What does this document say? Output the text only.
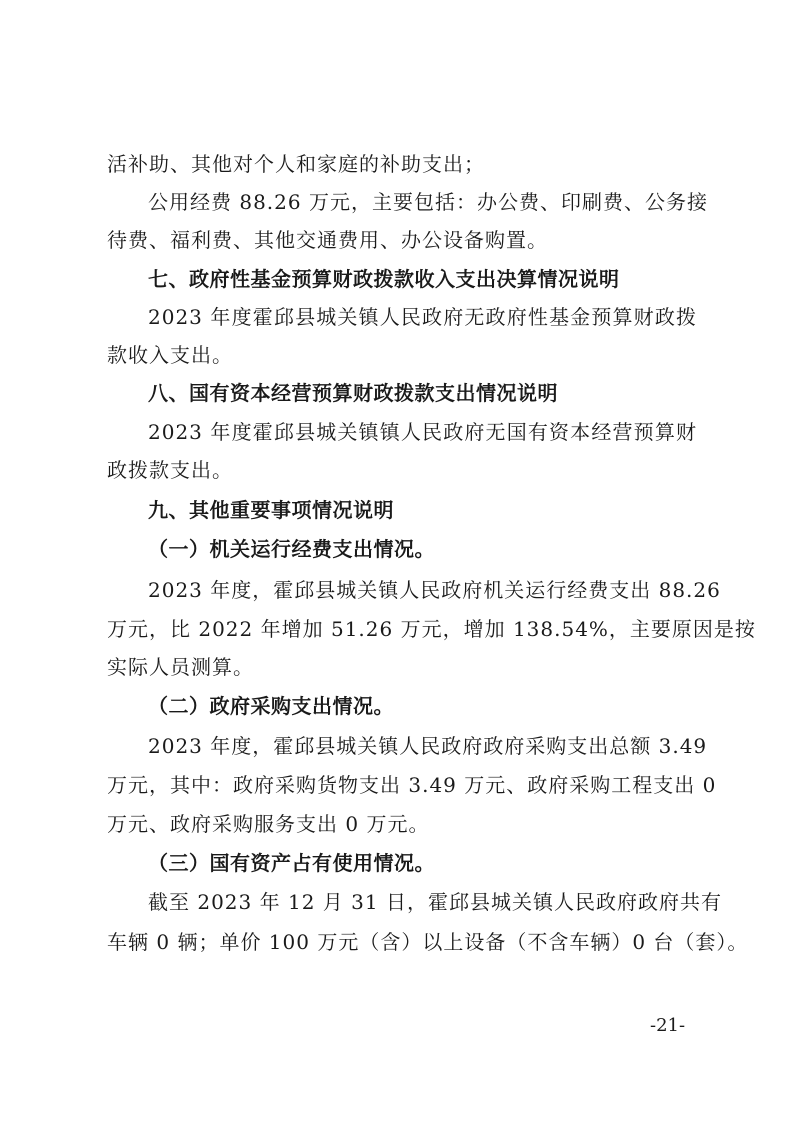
活补助、其他对个人和家庭的补助支出；
公用经费 88.26 万元，主要包括：办公费、印刷费、公务接
待费、福利费、其他交通费用、办公设备购置。
七、政府性基金预算财政拨款收入支出决算情况说明
2023 年度霍邱县城关镇人民政府无政府性基金预算财政拨
款收入支出。
八、国有资本经营预算财政拨款支出情况说明
2023 年度霍邱县城关镇镇人民政府无国有资本经营预算财
政拨款支出。
九、其他重要事项情况说明
（一）机关运行经费支出情况。
2023 年度，霍邱县城关镇人民政府机关运行经费支出 88.26
万元，比 2022 年增加 51.26 万元，增加 138.54%，主要原因是按
实际人员测算。
（二）政府采购支出情况。
2023 年度，霍邱县城关镇人民政府政府采购支出总额 3.49
万元，其中：政府采购货物支出 3.49 万元、政府采购工程支出 0
万元、政府采购服务支出 0 万元。
（三）国有资产占有使用情况。
截至 2023 年 12 月 31 日，霍邱县城关镇人民政府政府共有
车辆 0 辆；单价 100 万元（含）以上设备（不含车辆）0 台（套）。
-21-
